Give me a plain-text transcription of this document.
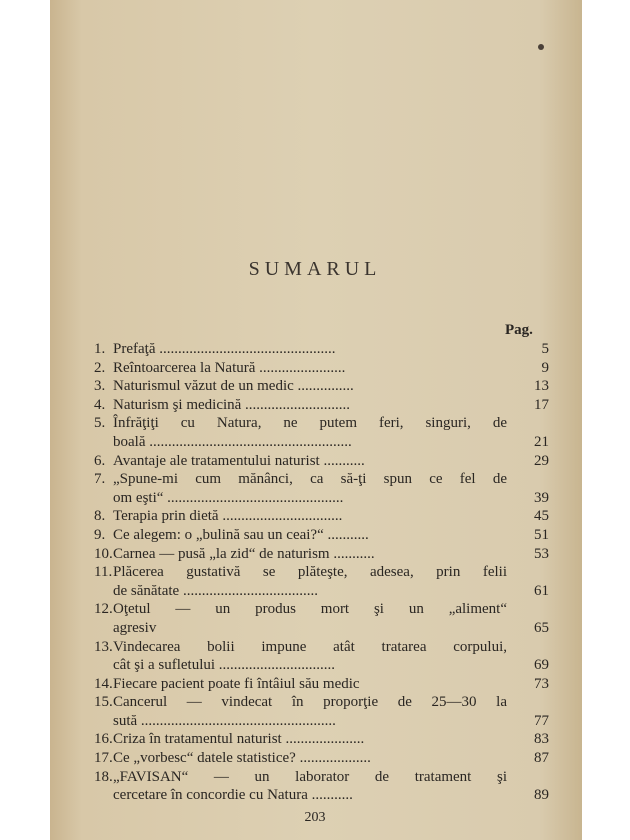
SUMARUL
Pag.
1. Prefaţă ...............................................	5
2. Reîntoarcerea la Natură .......................	9
3. Naturismul văzut de un medic ...............	13
4. Naturism şi medicină ............................	17
5. Înfrăţiţi cu Natura, ne putem feri, singuri, de
boală ......................................................	21
6. Avantaje ale tratamentului naturist ...........	29
7. „Spune-mi cum mănânci, ca să-ţi spun ce fel de
om eşti“ ...............................................	39
8. Terapia prin dietă ................................	45
9. Ce alegem: o „bulină sau un ceai?“ ...........	51
10. Carnea — pusă „la zid“ de naturism ...........	53
11. Plăcerea gustativă se plăteşte, adesea, prin felii
de sănătate ....................................	61
12. Oţetul — un produs mort şi un „aliment“
agresiv	65
13. Vindecarea bolii impune atât tratarea corpului,
cât şi a sufletului ...............................	69
14. Fiecare pacient poate fi întâiul său medic	73
15. Cancerul — vindecat în proporţie de 25—30 la
sută ....................................................	77
16. Criza în tratamentul naturist .....................	83
17. Ce „vorbesc“ datele statistice? ...................	87
18. „FAVISAN“ — un laborator de tratament şi
cercetare în concordie cu Natura ...........	89
203
